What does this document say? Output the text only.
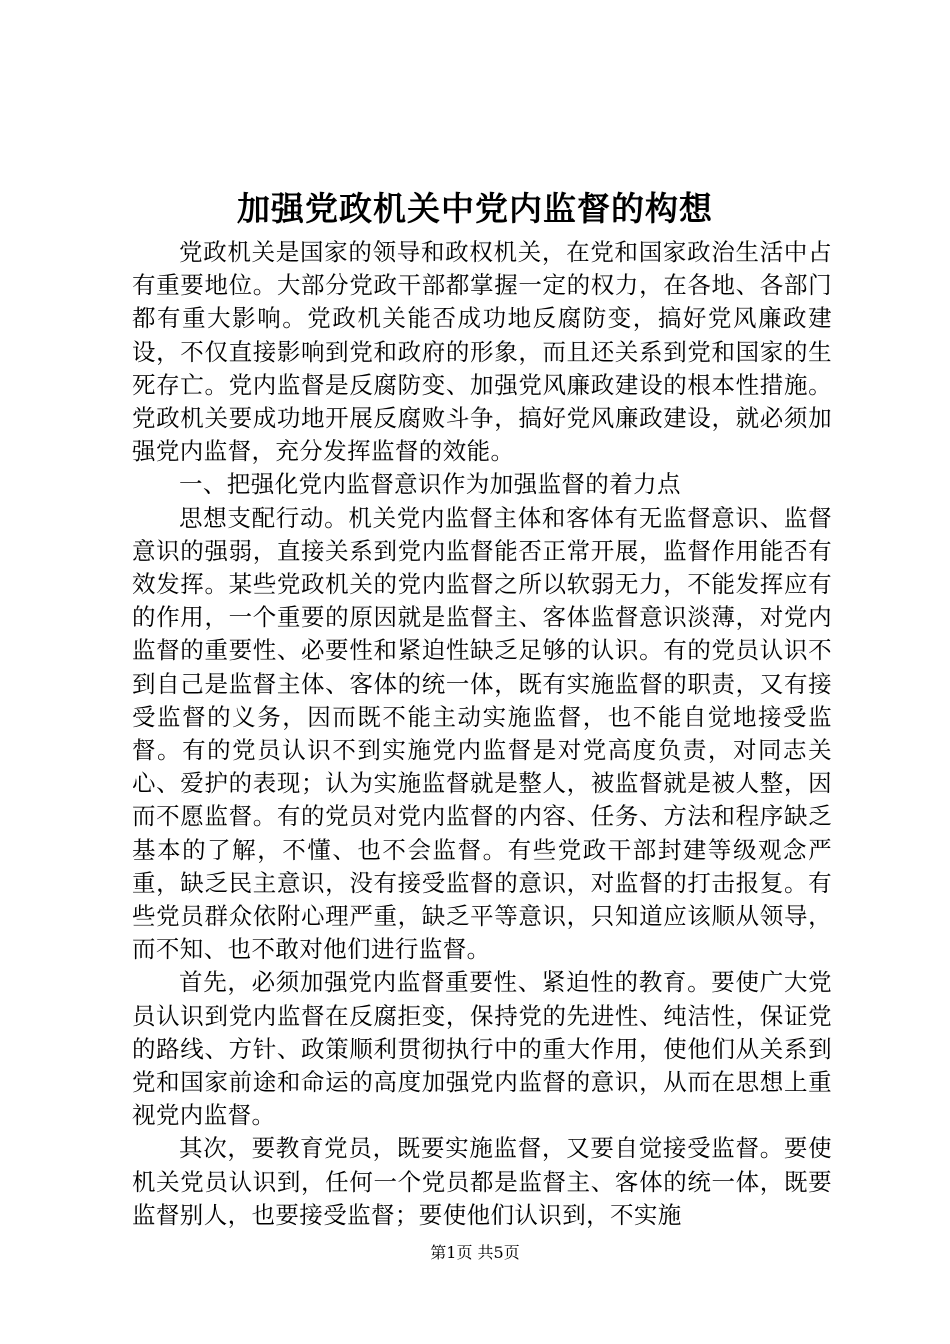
加强党政机关中党内监督的构想

党政机关是国家的领导和政权机关，在党和国家政治生活中占有重要地位。大部分党政干部都掌握一定的权力，在各地、各部门都有重大影响。党政机关能否成功地反腐防变，搞好党风廉政建设，不仅直接影响到党和政府的形象，而且还关系到党和国家的生死存亡。党内监督是反腐防变、加强党风廉政建设的根本性措施。党政机关要成功地开展反腐败斗争，搞好党风廉政建设，就必须加强党内监督，充分发挥监督的效能。

一、把强化党内监督意识作为加强监督的着力点

思想支配行动。机关党内监督主体和客体有无监督意识、监督意识的强弱，直接关系到党内监督能否正常开展，监督作用能否有效发挥。某些党政机关的党内监督之所以软弱无力，不能发挥应有的作用，一个重要的原因就是监督主、客体监督意识淡薄，对党内监督的重要性、必要性和紧迫性缺乏足够的认识。有的党员认识不到自己是监督主体、客体的统一体，既有实施监督的职责，又有接受监督的义务，因而既不能主动实施监督，也不能自觉地接受监督。有的党员认识不到实施党内监督是对党高度负责，对同志关心、爱护的表现；认为实施监督就是整人，被监督就是被人整，因而不愿监督。有的党员对党内监督的内容、任务、方法和程序缺乏基本的了解，不懂、也不会监督。有些党政干部封建等级观念严重，缺乏民主意识，没有接受监督的意识，对监督的打击报复。有些党员群众依附心理严重，缺乏平等意识，只知道应该顺从领导，而不知、也不敢对他们进行监督。

首先，必须加强党内监督重要性、紧迫性的教育。要使广大党员认识到党内监督在反腐拒变，保持党的先进性、纯洁性，保证党的路线、方针、政策顺利贯彻执行中的重大作用，使他们从关系到党和国家前途和命运的高度加强党内监督的意识，从而在思想上重视党内监督。

其次，要教育党员，既要实施监督，又要自觉接受监督。要使机关党员认识到，任何一个党员都是监督主、客体的统一体，既要监督别人，也要接受监督；要使他们认识到，不实施

第1页 共5页
